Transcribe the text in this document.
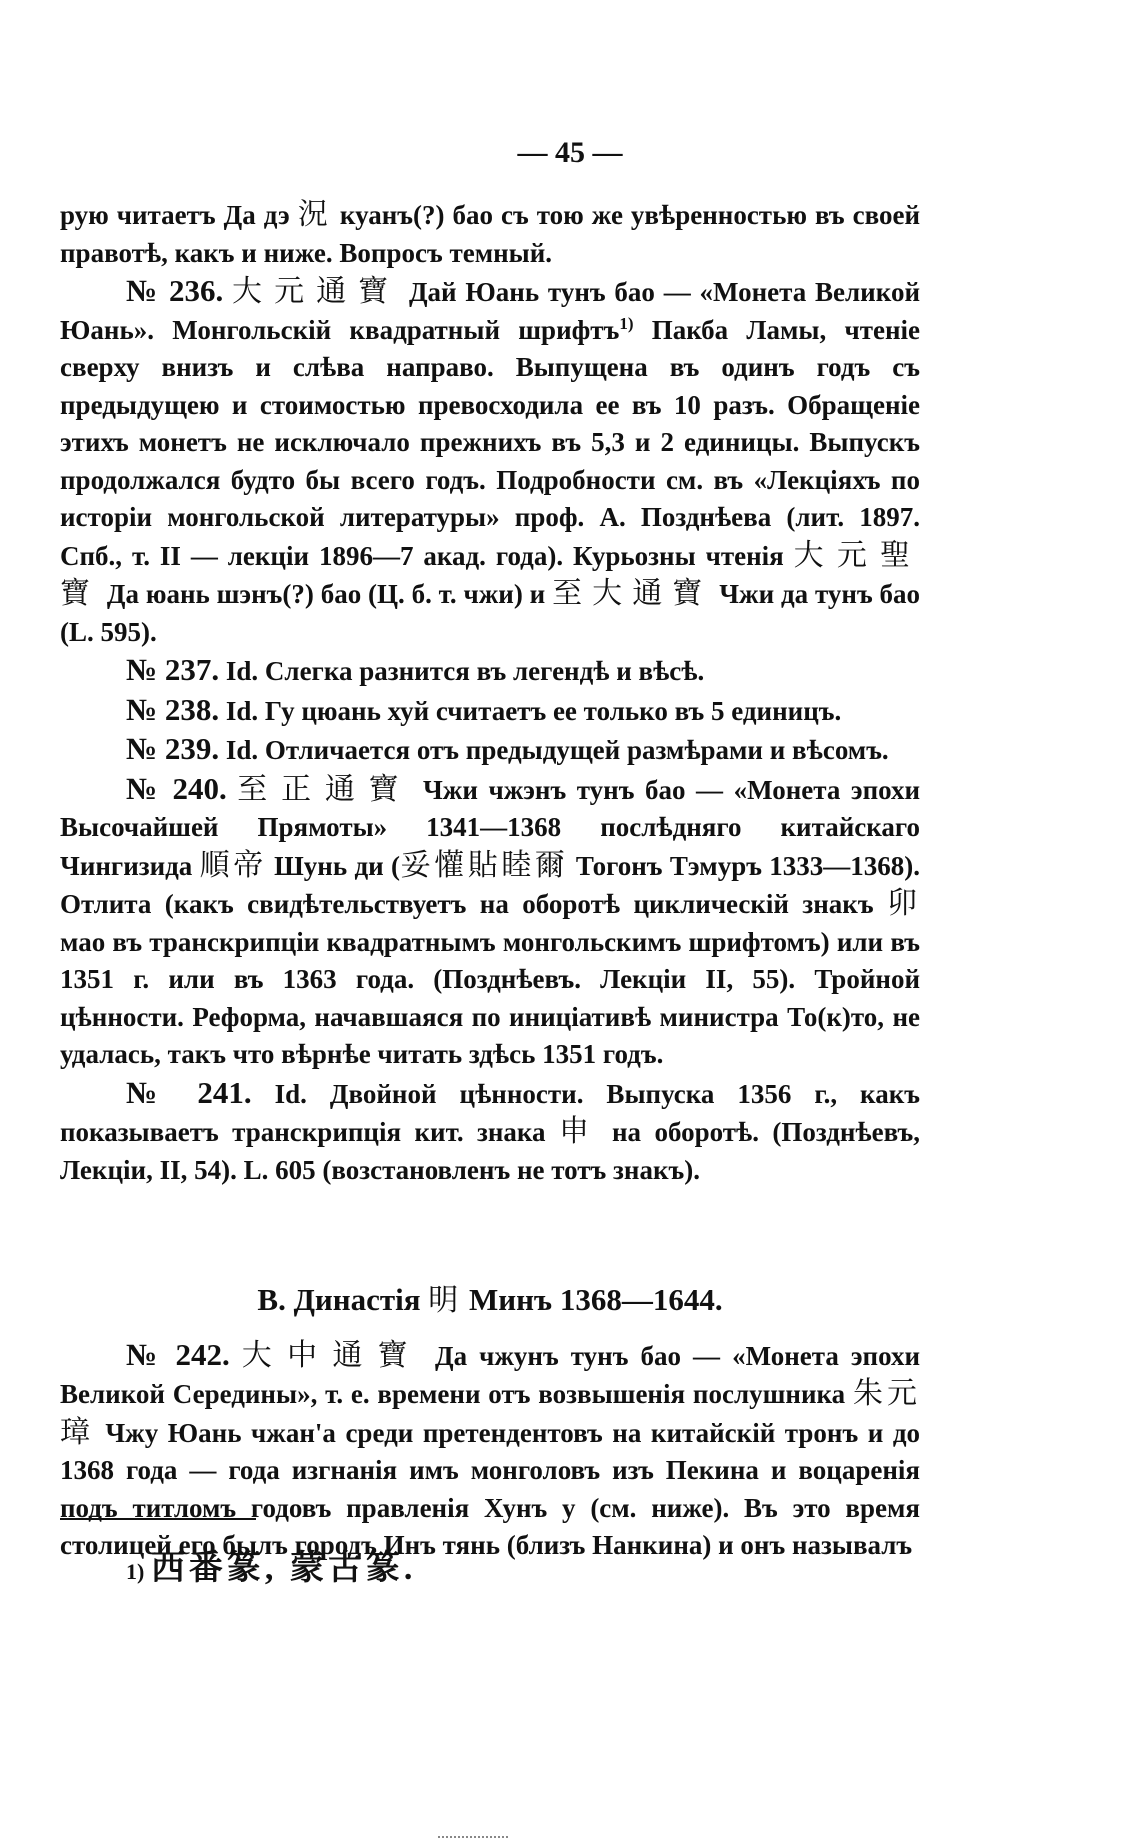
— 45 —

рую читаетъ Да дэ 況 куанъ(?) бао съ тою же увѣренностью въ своей правотѣ, какъ и ниже. Вопросъ темный.

№ 236. 大元通寶 Дай Юань тунъ бао — «Монета Великой Юань». Монгольскій квадратный шрифтъ$^{1)}$ Пакба Ламы, чтеніе сверху внизъ и слѣва направо. Выпущена въ одинъ годъ съ предыдущею и стоимостью превосходила ее въ 10 разъ. Обращеніе этихъ монетъ не исключало прежнихъ въ 5,3 и 2 единицы. Выпускъ продолжался будто бы всего годъ. Подробности см. въ «Лекціяхъ по исторіи монгольской литературы» проф. А. Позднѣева (лит. 1897. Спб., т. II — лекціи 1896—7 акад. года). Курьозны чтенія 大元聖寶 Да юань шэнъ(?) бао (Ц. б. т. чжи) и 至大通寶 Чжи да тунъ бао (L. 595).

№ 237. Id. Слегка разнится въ легендѣ и вѣсѣ.

№ 238. Id. Гу цюань хуй считаетъ ее только въ 5 единицъ.

№ 239. Id. Отличается отъ предыдущей размѣрами и вѣсомъ.

№ 240. 至正通寶 Чжи чжэнъ тунъ бао — «Монета эпохи Высочайшей Прямоты» 1341—1368 послѣдняго китайскаго Чингизида 順帝 Шунь ди (妥懽貼睦爾 Тогонъ Тэмуръ 1333—1368). Отлита (какъ свидѣтельствуетъ на оборотѣ циклическій знакъ 卯 мао въ транскрипціи квадратнымъ монгольскимъ шрифтомъ) или въ 1351 г. или въ 1363 года. (Позднѣевъ. Лекціи II, 55). Тройной цѣнности. Реформа, начавшаяся по иниціативѣ министра То(к)то, не удалась, такъ что вѣрнѣе читать здѣсь 1351 годъ.

№ 241. Id. Двойной цѣнности. Выпуска 1356 г., какъ показываетъ транскрипція кит. знака 申 на оборотѣ. (Позднѣевъ, Лекціи, II, 54). L. 605 (возстановленъ не тотъ знакъ).

В. Династія 明 Минъ 1368—1644.

№ 242. 大中通寶 Да чжунъ тунъ бао — «Монета эпохи Великой Середины», т. е. времени отъ возвышенія послушника 朱元璋 Чжу Юань чжан'а среди претендентовъ на китайскій тронъ и до 1368 года — года изгнанія имъ монголовъ изъ Пекина и воцаренія подъ титломъ годовъ правленія Хунъ у (см. ниже). Въ это время столицей его былъ городъ Инъ тянь (близъ Нанкина) и онъ называлъ

1) 西番篆, 蒙古篆.
